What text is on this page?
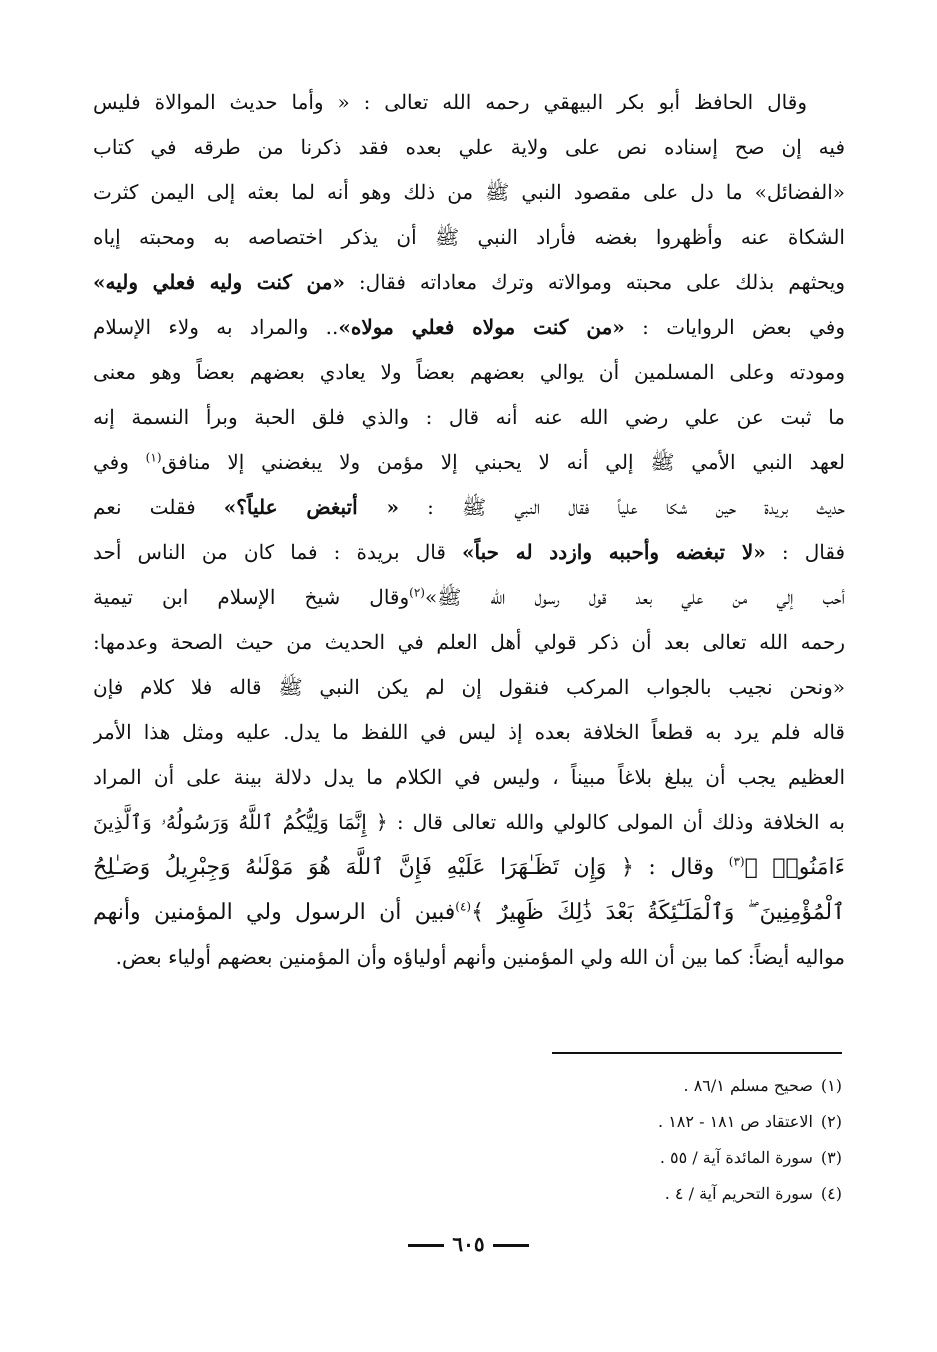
وقال الحافظ أبو بكر البيهقي رحمه الله تعالى : « وأما حديث الموالاة فليس
فيه إن صح إسناده نص على ولاية علي بعده فقد ذكرنا من طرقه في كتاب
«الفضائل» ما دل على مقصود النبي ﷺ من ذلك وهو أنه لما بعثه إلى اليمن كثرت
الشكاة عنه وأظهروا بغضه فأراد النبي ﷺ أن يذكر اختصاصه به ومحبته إياه
ويحثهم بذلك على محبته وموالاته وترك معاداته فقال: «من كنت وليه فعلي وليه»
وفي بعض الروايات : «من كنت مولاه فعلي مولاه».. والمراد به ولاء الإسلام
ومودته وعلى المسلمين أن يوالي بعضهم بعضاً ولا يعادي بعضهم بعضاً وهو معنى
ما ثبت عن علي رضي الله عنه أنه قال : والذي فلق الحبة وبرأ النسمة إنه
لعهد النبي الأمي ﷺ إلي أنه لا يحبني إلا مؤمن ولا يبغضني إلا منافق$^{(١)}$ وفي
حديث بريدة حين شكا علياً فقال النبي ﷺ : « أتبغض علياً؟» فقلت نعم
فقال : «لا تبغضه وأحببه وازدد له حباً» قال بريدة : فما كان من الناس أحد
أحب إلي من علي بعد قول رسول الله ﷺ»$^{(٢)}$وقال شيخ الإسلام ابن تيمية
رحمه الله تعالى بعد أن ذكر قولي أهل العلم في الحديث من حيث الصحة وعدمها:
«ونحن نجيب بالجواب المركب فنقول إن لم يكن النبي ﷺ قاله فلا كلام فإن
قاله فلم يرد به قطعاً الخلافة بعده إذ ليس في اللفظ ما يدل. عليه ومثل هذا الأمر
العظيم يجب أن يبلغ بلاغاً مبيناً ، وليس في الكلام ما يدل دلالة بينة على أن المراد
به الخلافة وذلك أن المولى كالولي والله تعالى قال : ﴿ إِنَّمَا وَلِيُّكُمُ ٱللَّهُ وَرَسُولُهُۥ وَٱلَّذِينَ
ءَامَنُوا۟ ﴾$^{(٣)}$ وقال : ﴿ وَإِن تَظَـٰهَرَا عَلَيْهِ فَإِنَّ ٱللَّهَ هُوَ مَوْلَىٰهُ وَجِبْرِيلُ وَصَـٰلِحُ
ٱلْمُؤْمِنِينَ ۖ وَٱلْمَلَـٰٓئِكَةُ بَعْدَ ذَٰلِكَ ظَهِيرٌ ﴾$^{(٤)}$فبين أن الرسول ولي المؤمنين وأنهم
مواليه أيضاً: كما بين أن الله ولي المؤمنين وأنهم أولياؤه وأن المؤمنين بعضهم أولياء بعض.
(١)صحيح مسلم ٨٦/١ .
(٢)الاعتقاد ص ١٨١ - ١٨٢ .
(٣)سورة المائدة آية / ٥٥ .
(٤)سورة التحريم آية / ٤ .
٦٠٥
